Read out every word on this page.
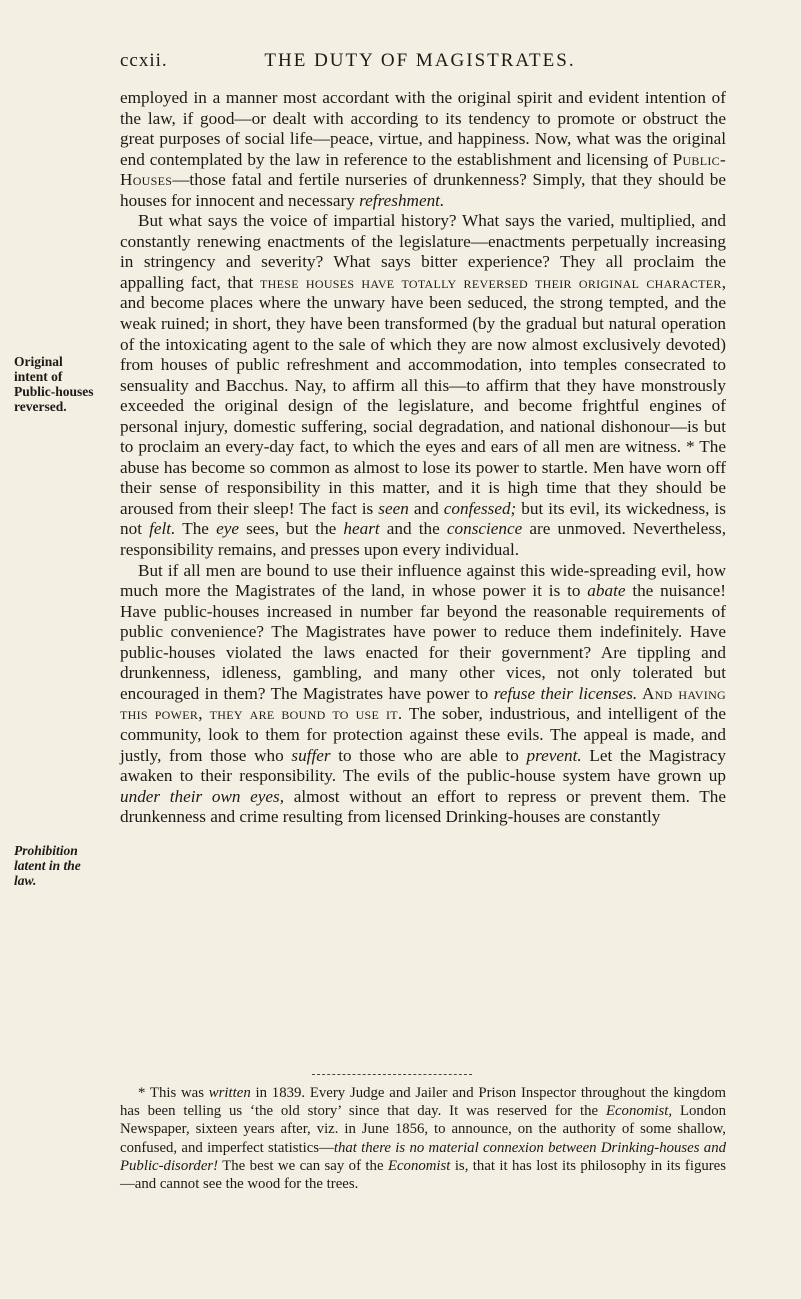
ccxii.	THE DUTY OF MAGISTRATES.
Original intent of Public-houses reversed.
Prohibition latent in the law.

employed in a manner most accordant with the original spirit and evident intention of the law, if good—or dealt with according to its tendency to promote or obstruct the great purposes of social life—peace, virtue, and happiness. Now, what was the original end contemplated by the law in reference to the establishment and licensing of Public-Houses—those fatal and fertile nurseries of drunkenness? Simply, that they should be houses for innocent and necessary refreshment.

But what says the voice of impartial history? What says the varied, multiplied, and constantly renewing enactments of the legislature—enactments perpetually increasing in stringency and severity? What says bitter experience? They all proclaim the appalling fact, that these houses have totally reversed their original character, and become places where the unwary have been seduced, the strong tempted, and the weak ruined; in short, they have been transformed (by the gradual but natural operation of the intoxicating agent to the sale of which they are now almost exclusively devoted) from houses of public refreshment and accommodation, into temples consecrated to sensuality and Bacchus. Nay, to affirm all this—to affirm that they have monstrously exceeded the original design of the legislature, and become frightful engines of personal injury, domestic suffering, social degradation, and national dishonour—is but to proclaim an every-day fact, to which the eyes and ears of all men are witness. * The abuse has become so common as almost to lose its power to startle. Men have worn off their sense of responsibility in this matter, and it is high time that they should be aroused from their sleep! The fact is seen and confessed; but its evil, its wickedness, is not felt. The eye sees, but the heart and the conscience are unmoved. Nevertheless, responsibility remains, and presses upon every individual.

But if all men are bound to use their influence against this wide-spreading evil, how much more the Magistrates of the land, in whose power it is to abate the nuisance! Have public-houses increased in number far beyond the reasonable requirements of public convenience? The Magistrates have power to reduce them indefinitely. Have public-houses violated the laws enacted for their government? Are tippling and drunkenness, idleness, gambling, and many other vices, not only tolerated but encouraged in them? The Magistrates have power to refuse their licenses. And having this power, they are bound to use it. The sober, industrious, and intelligent of the community, look to them for protection against these evils. The appeal is made, and justly, from those who suffer to those who are able to prevent. Let the Magistracy awaken to their responsibility. The evils of the public-house system have grown up under their own eyes, almost without an effort to repress or prevent them. The drunkenness and crime resulting from licensed Drinking-houses are constantly

* This was written in 1839. Every Judge and Jailer and Prison Inspector throughout the kingdom has been telling us ‘the old story’ since that day. It was reserved for the Economist, London Newspaper, sixteen years after, viz. in June 1856, to announce, on the authority of some shallow, confused, and imperfect statistics—that there is no material connexion between Drinking-houses and Public-disorder! The best we can say of the Economist is, that it has lost its philosophy in its figures—and cannot see the wood for the trees.
